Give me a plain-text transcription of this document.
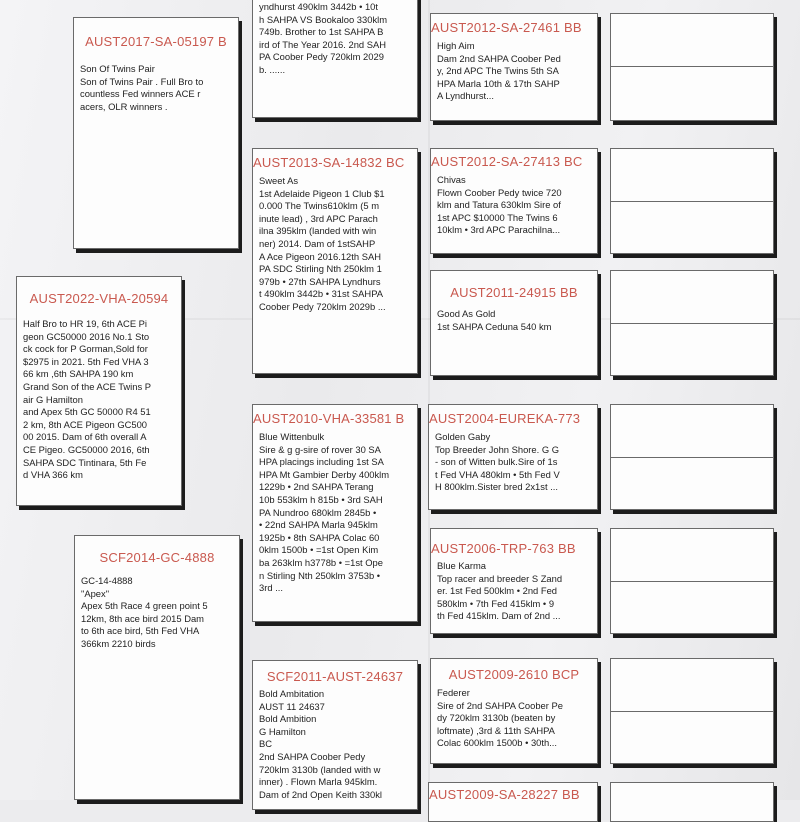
AUST2022-VHA-20594
Half Bro to HR 19, 6th ACE Pi
geon GC50000 2016 No.1 Sto
ck cock for P Gorman,Sold for
$2975 in 2021. 5th Fed VHA 3
66 km ,6th SAHPA 190 km
Grand Son of the ACE Twins P
air G Hamilton
and Apex 5th GC 50000 R4 51
2 km, 8th ACE Pigeon GC500
00 2015. Dam of 6th overall A
CE Pigeo. GC50000 2016, 6th
SAHPA SDC Tintinara, 5th Fe
d VHA 366 km
AUST2017-SA-05197 B
Son Of Twins Pair
Son of Twins Pair . Full Bro to
countless Fed winners ACE r
acers, OLR winners .
SCF2014-GC-4888
GC-14-4888
"Apex"
Apex 5th Race 4 green point 5
12km, 8th ace bird 2015 Dam
to 6th ace bird, 5th Fed VHA
366km 2210 birds
yndhurst 490klm 3442b • 10t
h SAHPA VS Bookaloo 330klm
749b. Brother to 1st SAHPA B
ird of The Year 2016. 2nd SAH
PA Coober Pedy 720klm 2029
b. ......
AUST2013-SA-14832 BC
Sweet As
1st Adelaide Pigeon 1 Club $1
0.000 The Twins610klm (5 m
inute lead) , 3rd APC Parach
ilna 395klm (landed with win
ner) 2014. Dam of 1stSAHP
A Ace Pigeon 2016.12th SAH
PA SDC Stirling Nth 250klm 1
979b • 27th SAHPA Lyndhurs
t 490klm 3442b • 31st SAHPA
Coober Pedy 720klm 2029b ...
AUST2010-VHA-33581 B
Blue Wittenbulk
Sire & g g-sire of rover 30 SA
HPA placings including 1st SA
HPA Mt Gambier Derby 400klm
1229b • 2nd SAHPA Terang
10b 553klm h 815b • 3rd SAH
PA Nundroo 680klm 2845b •
• 22nd SAHPA Marla 945klm
1925b • 8th SAHPA Colac 60
0klm 1500b • =1st Open Kim
ba 263klm h3778b • =1st Ope
n Stirling Nth 250klm 3753b •
3rd ...
SCF2011-AUST-24637
Bold Ambitation
AUST 11 24637
Bold Ambition
G Hamilton
BC
2nd SAHPA Coober Pedy
720klm 3130b (landed with w
inner) . Flown Marla 945klm.
Dam of 2nd Open Keith 330kl
AUST2012-SA-27461 BB
High Aim
Dam 2nd SAHPA Coober Ped
y, 2nd APC The Twins 5th SA
HPA Marla 10th & 17th SAHP
A Lyndhurst...
AUST2012-SA-27413 BC
Chivas
Flown Coober Pedy twice 720
klm and Tatura 630klm Sire of
1st APC $10000 The Twins 6
10klm • 3rd APC Parachilna...
AUST2011-24915 BB
Good As Gold
1st SAHPA Ceduna 540 km
AUST2004-EUREKA-773
Golden Gaby
Top Breeder John Shore. G G
- son of Witten bulk.Sire of 1s
t Fed VHA 480klm • 5th Fed V
H 800klm.Sister bred 2x1st ...
AUST2006-TRP-763 BB
Blue Karma
Top racer and breeder S Zand
er. 1st Fed 500klm • 2nd Fed
580klm • 7th Fed 415klm • 9
th Fed 415klm. Dam of 2nd ...
AUST2009-2610 BCP
Federer
Sire of 2nd SAHPA Coober Pe
dy 720klm 3130b (beaten by
loftmate) ,3rd & 11th SAHPA
Colac 600klm 1500b • 30th...
AUST2009-SA-28227 BB
